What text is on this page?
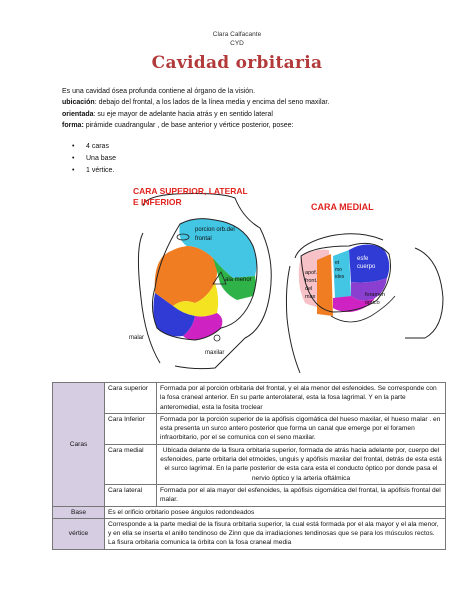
Clara Calfacante
CYD
Cavidad orbitaria
Es una cavidad ósea profunda contiene al órgano de la visión.
ubicación: debajo del frontal, a los lados de la línea media y encima del seno maxilar.
orientada: su eje mayor de adelante hacia atrás y en sentido lateral
forma: pirámide cuadrangular , de base anterior y vértice posterior, posee:
• 4 caras
• Una base
• 1 vértice.
CARA SUPERIOR, LATERAL
E INFERIOR	CARA MEDIAL
porcion orb.del
frontal
ala menor
malar
maxilar
apof.
front.
del
max
et
mo
ides
esfe
cuerpo
foramen
óptico
Caras	Cara superior	Formada por al porción orbitaria del frontal, y el ala menor del esfenoides. Se corresponde con la fosa craneal anterior. En su parte anterolateral, esta la fosa lagrimal. Y en la parte anteromedial, esta la fosita troclear
	Cara Inferior	Formada por la porción superior de la apófisis cigomática del hueso maxilar, el hueso malar . en esta presenta un surco antero posterior que forma un canal que emerge por el foramen infraorbitario, por el se comunica con el seno maxilar.
	Cara medial	Ubicada delante de la fisura orbitaria superior, formada de atrás hacia adelante por, cuerpo del esfenoides, parte orbitaria del etmoides, unguis y apófisis maxilar del frontal, detrás de esta está el surco lagrimal. En la parte posterior de esta cara esta el conducto óptico por donde pasa el nervio óptico y la arteria oftálmica
	Cara lateral	Formada por el ala mayor del esfenoides, la apófisis cigomática del frontal, la apófisis frontal del malar.
Base	Es el orificio orbitario posee ángulos redondeados	
vértice	Corresponde a la parte medial de la fisura orbitaria superior, la cual está formada por el ala mayor y el ala menor, y en ella se inserta el anillo tendinoso de Zinn que da irradiaciones tendinosas que se para los músculos rectos.
La fisura orbitaria comunica la órbita con la fosa craneal media	
